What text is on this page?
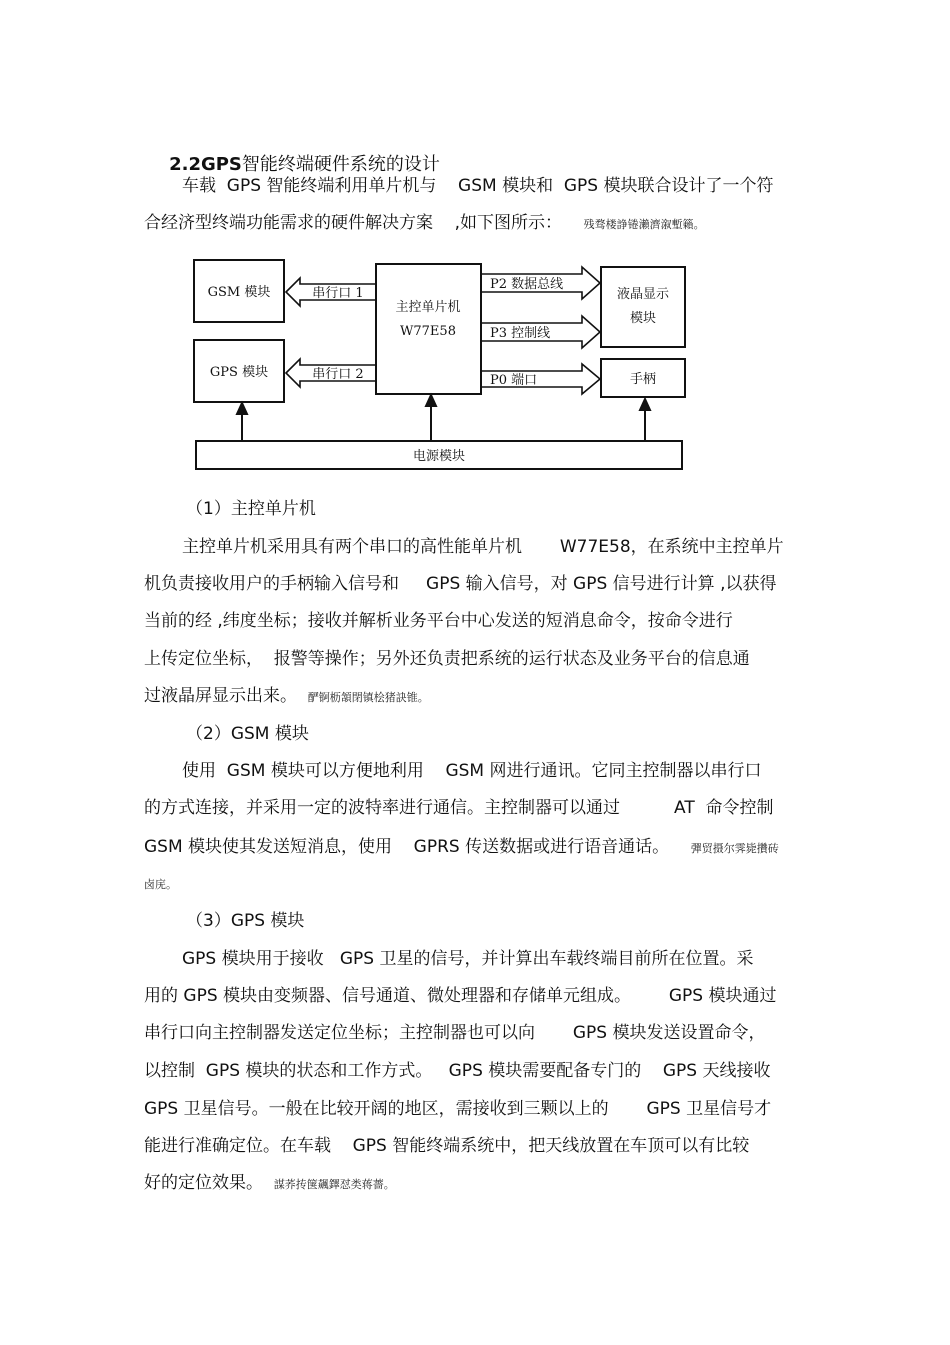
2.2GPS智能终端硬件系统的设计

车载  GPS 智能终端利用单片机与    GSM 模块和  GPS 模块联合设计了一个符
合经济型终端功能需求的硬件解决方案    ,如下图所示： 残骛楼諍锩瀨濟溆塹籟。
GSM 模块
GPS 模块
串行口 1
串行口 2
主控单片机
W77E58
P2 数据总线
P3 控制线
P0 端口
液晶显示
模块
手柄
电源模块
（1）主控单片机
主控单片机采用具有两个串口的高性能单片机       W77E58，在系统中主控单片
机负责接收用户的手柄输入信号和     GPS 输入信号，对 GPS 信号进行计算 ,以获得
当前的经 ,纬度坐标；接收并解析业务平台中心发送的短消息命令，按命令进行
上传定位坐标，  报警等操作；另外还负责把系统的运行状态及业务平台的信息通
过液晶屏显示出来。 酽锕枥頷閉镇桧猪訣锥。
（2）GSM 模块
使用  GSM 模块可以方便地利用    GSM 网进行通讯。它同主控制器以串行口
的方式连接，并采用一定的波特率进行通信。主控制器可以通过          AT  命令控制
GSM 模块使其发送短消息，使用    GPRS 传送数据或进行语音通话。 彈贸摄尔霁毙攢砖
卤庑。
（3）GPS 模块
GPS 模块用于接收   GPS 卫星的信号，并计算出车载终端目前所在位置。采
用的 GPS 模块由变频器、信号通道、微处理器和存储单元组成。       GPS 模块通过
串行口向主控制器发送定位坐标；主控制器也可以向       GPS 模块发送设置命令，
以控制  GPS 模块的状态和工作方式。   GPS 模块需要配备专门的    GPS 天线接收
GPS 卫星信号。一般在比较开阔的地区，需接收到三颗以上的       GPS 卫星信号才
能进行准确定位。在车载    GPS 智能终端系统中，把天线放置在车顶可以有比较
好的定位效果。 謀荞抟箧飆鐸怼类蒋薔。
